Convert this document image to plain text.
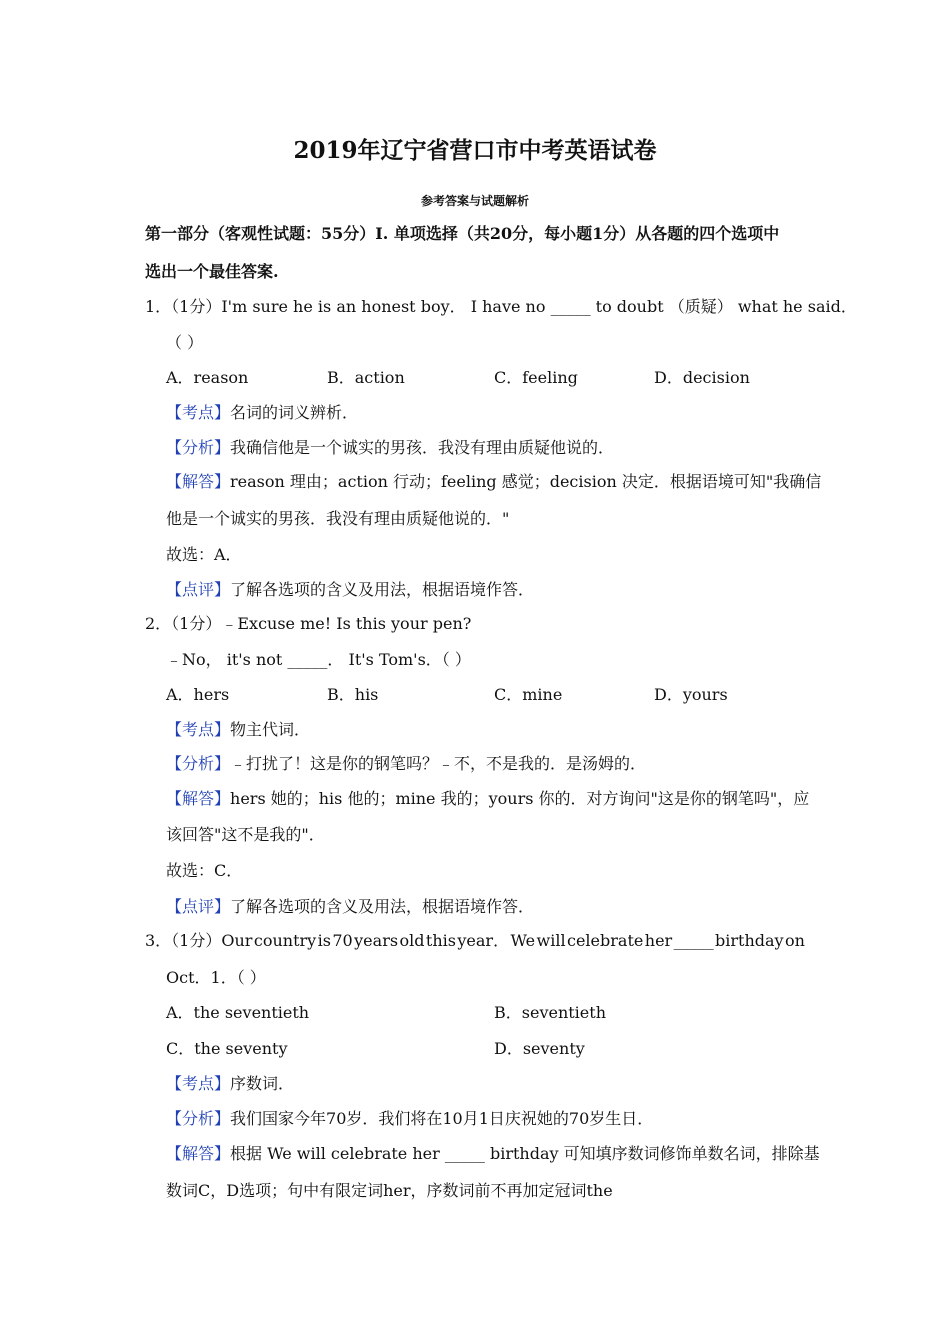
2019年辽宁省营口市中考英语试卷
参考答案与试题解析
第一部分（客观性试题：55分）I. 单项选择（共20分，每小题1分）从各题的四个选项中
选出一个最佳答案.
1．（1分）I'm sure he is an honest boy． I have no _____ to doubt （质疑） what he said．
（ ）
A．reason	B．action	C．feeling	D．decision
【考点】名词的词义辨析．
【分析】我确信他是一个诚实的男孩．我没有理由质疑他说的．
【解答】reason 理由；action 行动；feeling 感觉；decision 决定．根据语境可知"我确信
他是一个诚实的男孩．我没有理由质疑他说的．"
故选：A．
【点评】了解各选项的含义及用法，根据语境作答．
2．（1分）﹣Excuse me! Is this your pen?
﹣No， it's not _____． It's Tom's．（ ）
A．hers	B．his	C．mine	D．yours
【考点】物主代词．
【分析】﹣打扰了！这是你的钢笔吗？﹣不，不是我的．是汤姆的．
【解答】hers 她的；his 他的；mine 我的；yours 你的．对方询问"这是你的钢笔吗"，应
该回答"这不是我的"．
故选：C．
【点评】了解各选项的含义及用法，根据语境作答．
3．（1分）Our country is 70 years old this year． We will celebrate her _____ birthday on
Oct．1．（ ）
A．the seventieth	B．seventieth
C．the seventy	D．seventy
【考点】序数词．
【分析】我们国家今年70岁．我们将在10月1日庆祝她的70岁生日．
【解答】根据 We will celebrate her _____ birthday 可知填序数词修饰单数名词，排除基
数词C，D选项；句中有限定词her，序数词前不再加定冠词the
